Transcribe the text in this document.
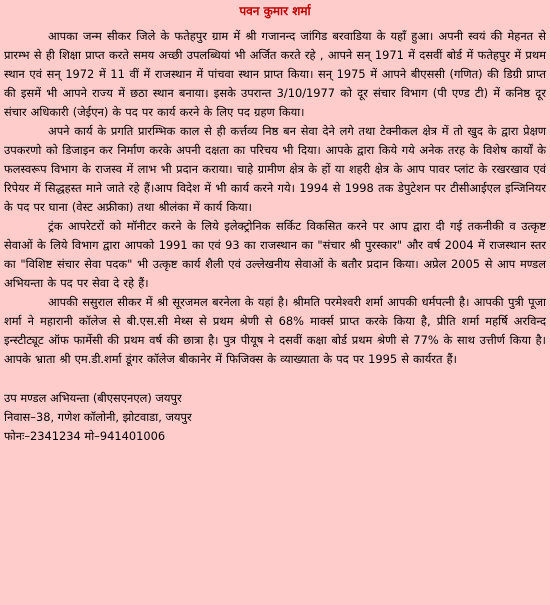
पवन कुमार शर्मा

आपका जन्म सीकर जिले के फतेहपुर ग्राम में श्री गजानन्द जांगिड बरवाडिया के यहाँ हुआ। अपनी स्वयं की मेहनत से प्रारम्भ से ही शिक्षा प्राप्त करते समय अच्छी उपलब्धियां भी अर्जित करते रहे , आपने सन् 1971 में दसवीं बोर्ड में फतेहपुर में प्रथम स्थान एवं सन् 1972 में 11 वीं में राजस्थान में पांचवा स्थान प्राप्त किया। सन् 1975 में आपने बीएससी (गणित) की डिग्री प्राप्त की इसमें भी आपने राज्य में छठा स्थान बनाया। इसके उपरान्त 3/10/1977 को दूर संचार विभाग (पी एण्ड टी) में कनिष्ठ दूर संचार अधिकारी (जेईएन) के पद पर कार्य करने के लिए पद ग्रहण किया।

अपने कार्य के प्रगति प्रारम्भिक काल से ही कर्त्तव्य निष्ठ बन सेवा देने लगे तथा टेक्नीकल क्षेत्र में तो खुद के द्वारा प्रेक्षण उपकरणो को डिजाइन कर निर्माण करके अपनी दक्षता का परिचय भी दिया। आपके द्वारा किये गये अनेक तरह के विशेष कार्यों के फलस्वरूप विभाग के राजस्व में लाभ भी प्रदान कराया। चाहे ग्रामीण क्षेत्र के हों या शहरी क्षेत्र के आप पावर प्लांट के रखरखाव एवं रिपेयर में सिद्धहस्त माने जाते रहे हैं।आप विदेश में भी कार्य करने गये। 1994 से 1998 तक डेपुटेशन पर टीसीआईएल इन्जिनियर के पद पर घाना (वेस्ट अफ्रीका) तथा श्रीलंका में कार्य किया।

ट्रंक आपरेटरों को मॉनीटर करने के लिये इलेक्ट्रोनिक सर्किट विकसित करने पर आप द्वारा दी गई तकनीकी व उत्कृष्ट सेवाओं के लिये विभाग द्वारा आपको 1991 का एवं 93 का राजस्थान का "संचार श्री पुरस्कार" और वर्ष 2004 में राजस्थान स्तर का "विशिष्ट संचार सेवा पदक" भी उत्कृष्ट कार्य शैली एवं उल्लेखनीय सेवाओं के बतौर प्रदान किया। अप्रेल 2005 से आप मण्डल अभियन्ता के पद पर सेवा दे रहे हैं।

आपकी ससुराल सीकर में श्री सूरजमल बरनेला के यहां है। श्रीमति परमेश्वरी शर्मा आपकी धर्मपत्नी है। आपकी पुत्री पूजा शर्मा ने महारानी कॉलेज से बी.एस.सी मेथ्स से प्रथम श्रेणी से 68% मार्क्स प्राप्त करके किया है, प्रीति शर्मा महर्षि अरविन्द इन्स्टीट्यूट ऑफ फार्मेसी की प्रथम वर्ष की छात्रा है। पुत्र पीयूष ने दसवीं कक्षा बोर्ड प्रथम श्रेणी से 77% के साथ उत्तीर्ण किया है। आपके भ्राता श्री एम.डी.शर्मा डूंगर कॉलेज बीकानेर में फिजिक्स के व्याख्याता के पद पर 1995 से कार्यरत हैं।

उप मण्डल अभियन्ता (बीएसएनएल) जयपुर
निवास–38, गणेश कॉलोनी, झोटवाडा, जयपुर
फोनः–2341234 मो–941401006
